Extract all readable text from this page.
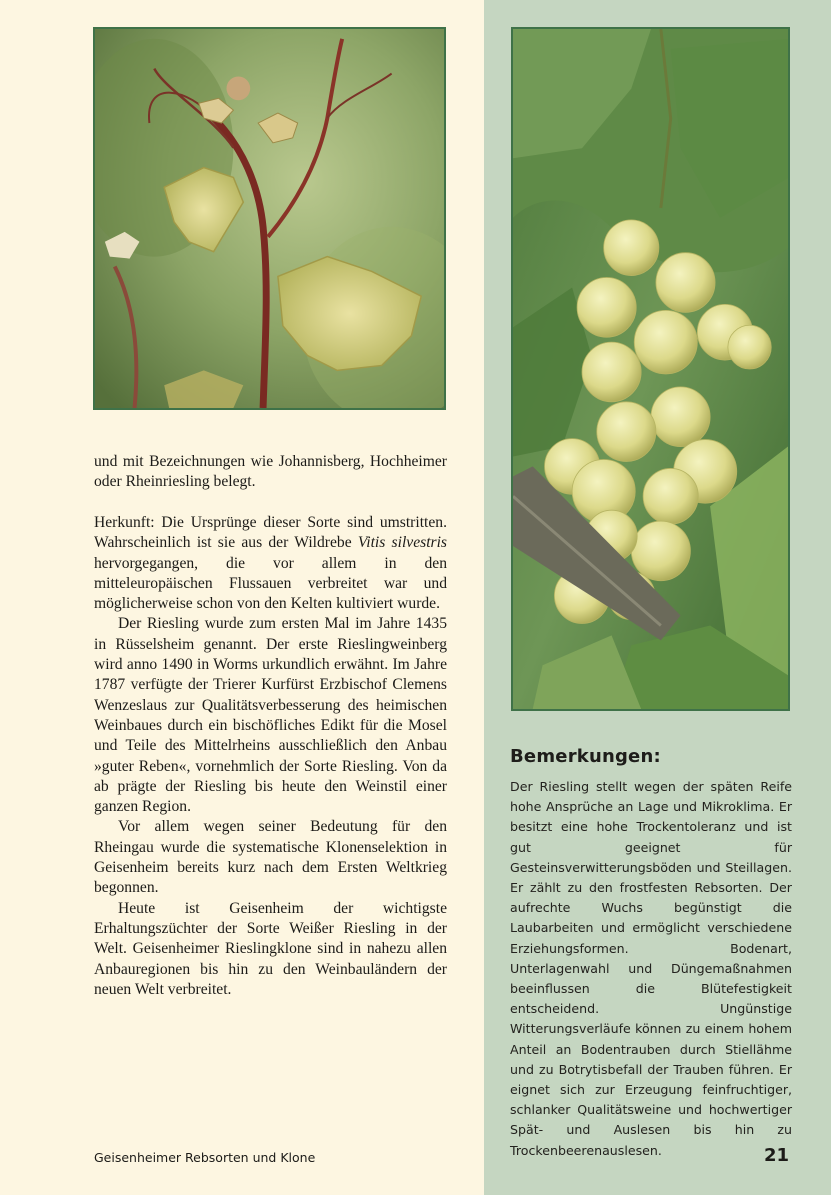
und mit Bezeichnungen wie Johannisberg, Hochheimer oder Rheinriesling belegt.

Herkunft: Die Ursprünge dieser Sorte sind umstritten. Wahrscheinlich ist sie aus der Wildrebe Vitis silvestris hervorgegangen, die vor allem in den mitteleuropäischen Flussauen verbreitet war und möglicherweise schon von den Kelten kultiviert wurde.

Der Riesling wurde zum ersten Mal im Jahre 1435 in Rüsselsheim genannt. Der erste Rieslingweinberg wird anno 1490 in Worms urkundlich erwähnt. Im Jahre 1787 verfügte der Trierer Kurfürst Erzbischof Clemens Wenzeslaus zur Qualitätsverbesserung des heimischen Weinbaues durch ein bischöfliches Edikt für die Mosel und Teile des Mittelrheins ausschließlich den Anbau »guter Reben«, vornehmlich der Sorte Riesling. Von da ab prägte der Riesling bis heute den Weinstil einer ganzen Region.

Vor allem wegen seiner Bedeutung für den Rheingau wurde die systematische Klonenselektion in Geisenheim bereits kurz nach dem Ersten Weltkrieg begonnen.

Heute ist Geisenheim der wichtigste Erhaltungszüchter der Sorte Weißer Riesling in der Welt. Geisenheimer Rieslingklone sind in nahezu allen Anbauregionen bis hin zu den Weinbauländern der neuen Welt verbreitet.

Bemerkungen:

Der Riesling stellt wegen der späten Reife hohe Ansprüche an Lage und Mikroklima. Er besitzt eine hohe Trockentoleranz und ist gut geeignet für Gesteinsverwitterungsböden und Steillagen. Er zählt zu den frostfesten Rebsorten. Der aufrechte Wuchs begünstigt die Laubarbeiten und ermöglicht verschiedene Erziehungsformen. Bodenart, Unterlagenwahl und Düngemaßnahmen beeinflussen die Blütefestigkeit entscheidend. Ungünstige Witterungsverläufe können zu einem hohem Anteil an Bodentrauben durch Stiellähme und zu Botrytisbefall der Trauben führen. Er eignet sich zur Erzeugung feinfruchtiger, schlanker Qualitätsweine und hochwertiger Spät- und Auslesen bis hin zu Trockenbeerenauslesen.

Geisenheimer Rebsorten und Klone	21
